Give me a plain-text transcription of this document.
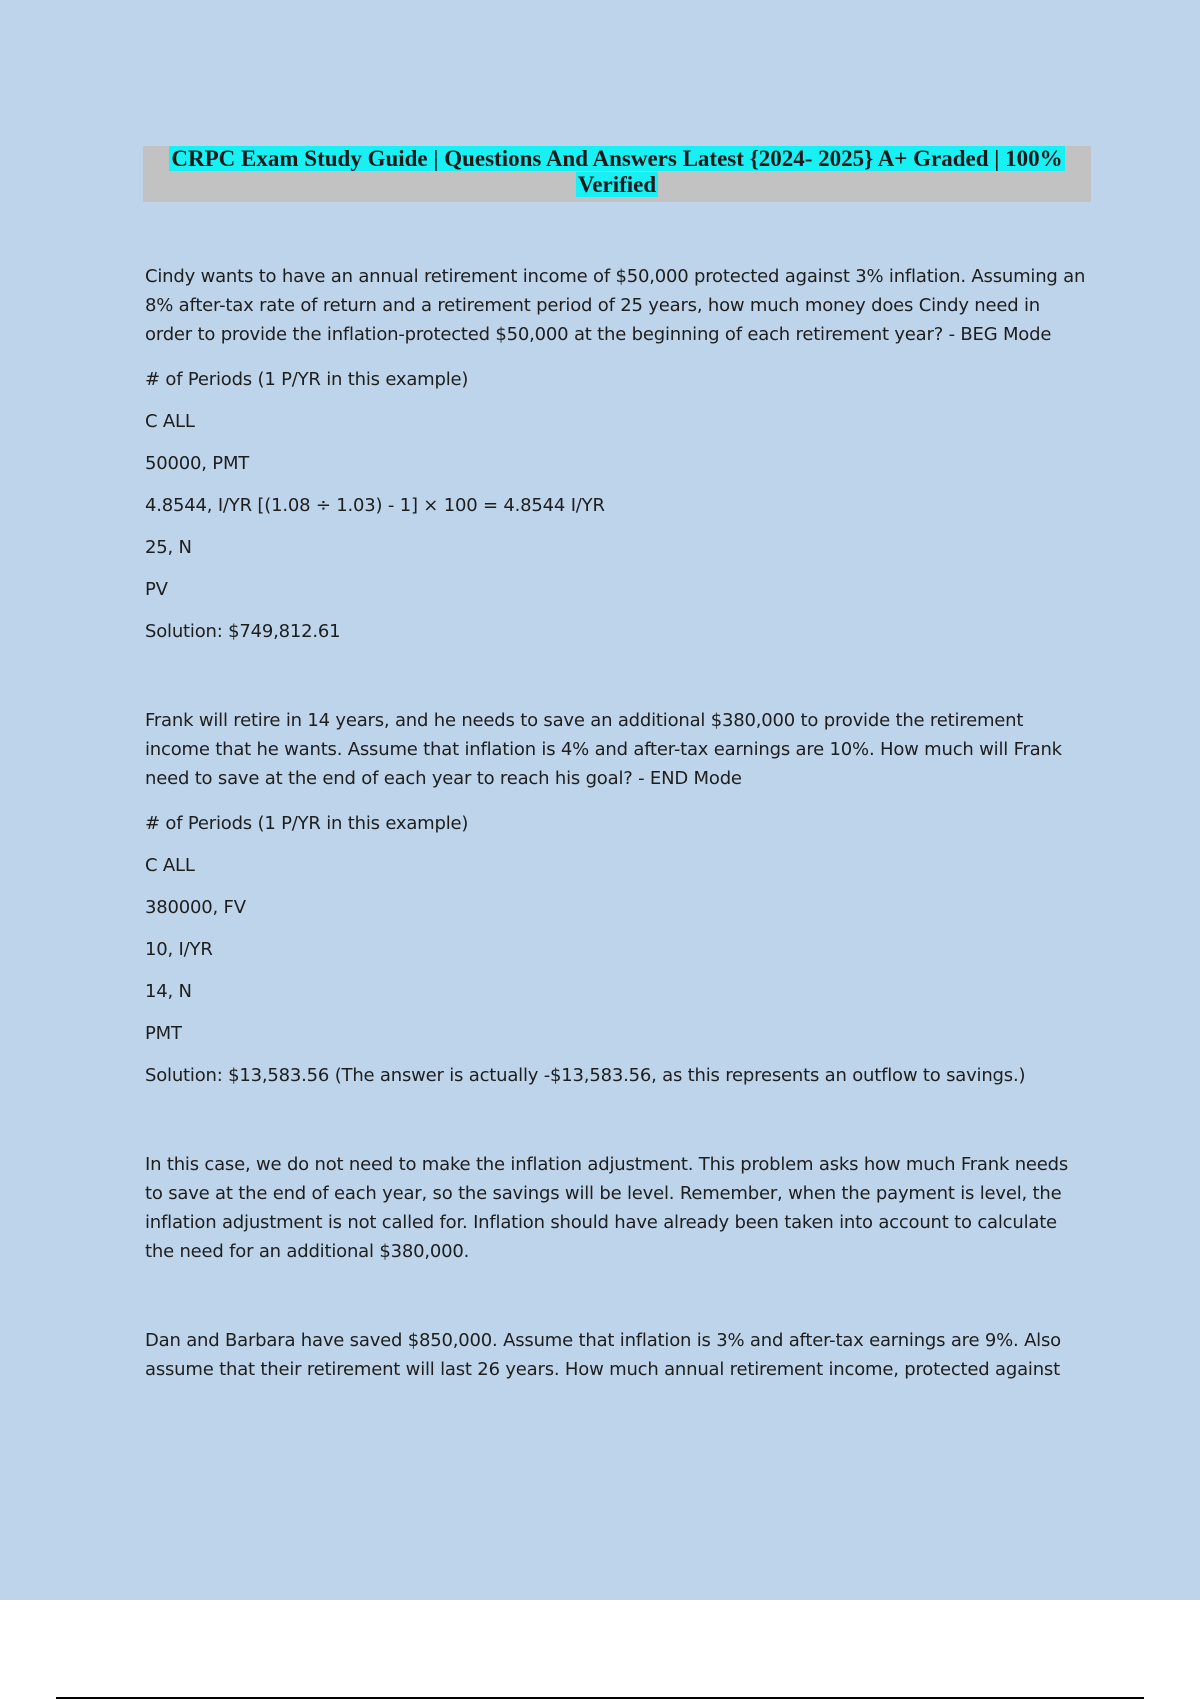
CRPC Exam Study Guide | Questions And Answers Latest {2024- 2025} A+ Graded | 100% Verified

Cindy wants to have an annual retirement income of $50,000 protected against 3% inflation. Assuming an 8% after-tax rate of return and a retirement period of 25 years, how much money does Cindy need in order to provide the inflation-protected $50,000 at the beginning of each retirement year? - BEG Mode

# of Periods (1 P/YR in this example)

C ALL

50000, PMT

4.8544, I/YR [(1.08 ÷ 1.03) - 1] × 100 = 4.8544 I/YR

25, N

PV

Solution: $749,812.61

Frank will retire in 14 years, and he needs to save an additional $380,000 to provide the retirement income that he wants. Assume that inflation is 4% and after-tax earnings are 10%. How much will Frank need to save at the end of each year to reach his goal? - END Mode

# of Periods (1 P/YR in this example)

C ALL

380000, FV

10, I/YR

14, N

PMT

Solution: $13,583.56 (The answer is actually -$13,583.56, as this represents an outflow to savings.)

In this case, we do not need to make the inflation adjustment. This problem asks how much Frank needs to save at the end of each year, so the savings will be level. Remember, when the payment is level, the inflation adjustment is not called for. Inflation should have already been taken into account to calculate the need for an additional $380,000.

Dan and Barbara have saved $850,000. Assume that inflation is 3% and after-tax earnings are 9%. Also assume that their retirement will last 26 years. How much annual retirement income, protected against
